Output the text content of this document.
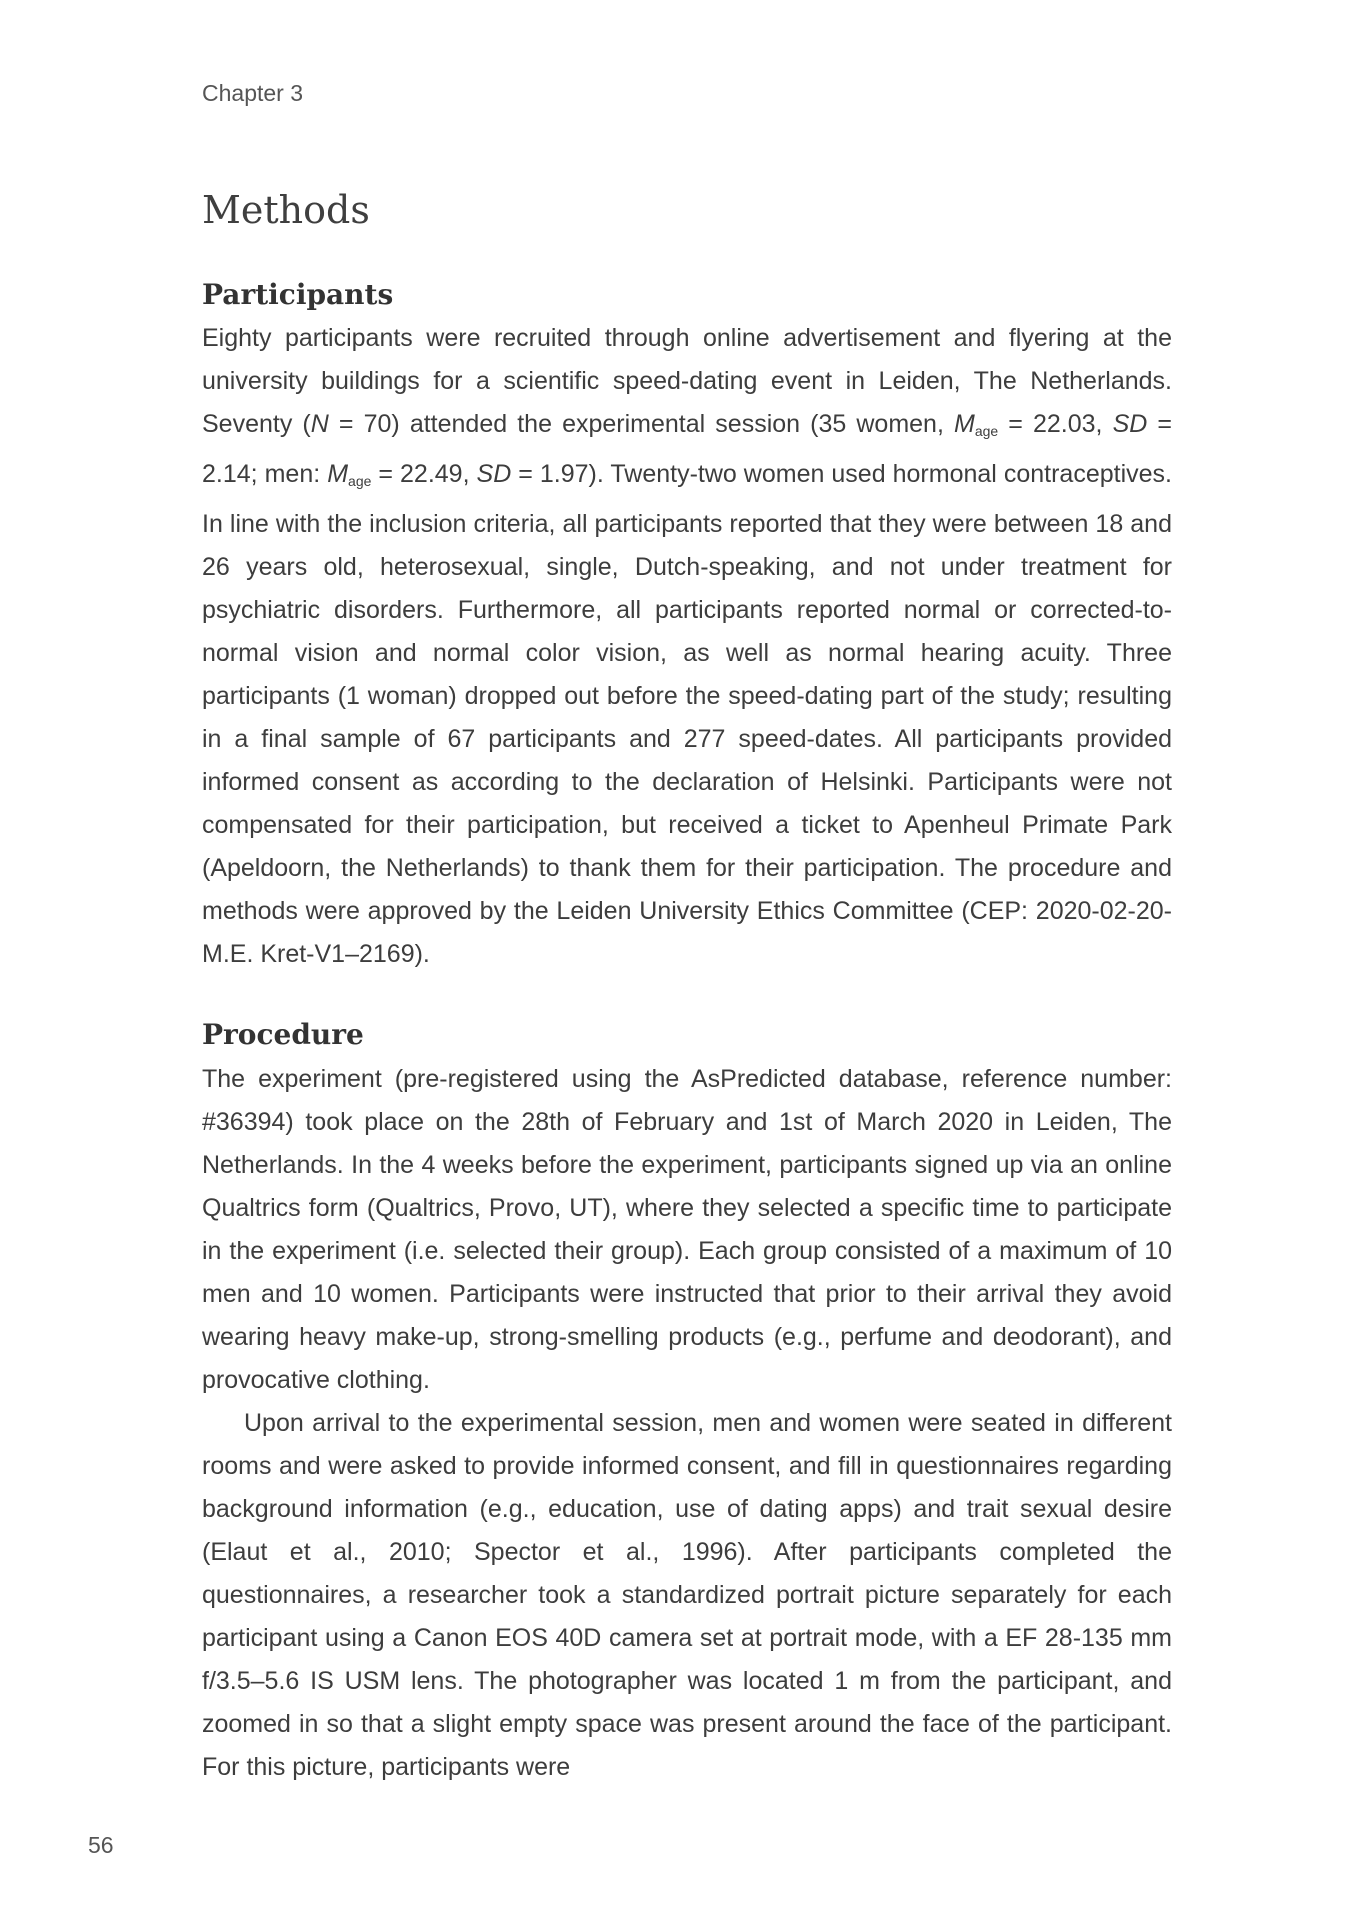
Chapter 3
Methods
Participants

Eighty participants were recruited through online advertisement and flyering at the university buildings for a scientific speed-dating event in Leiden, The Netherlands. Seventy (N = 70) attended the experimental session (35 women, $M_{age} = 22.03$, SD = 2.14; men: $M_{age} = 22.49$, SD = 1.97). Twenty-two women used hormonal contraceptives. In line with the inclusion criteria, all participants reported that they were between 18 and 26 years old, heterosexual, single, Dutch-speaking, and not under treatment for psychiatric disorders. Furthermore, all participants reported normal or corrected-to-normal vision and normal color vision, as well as normal hearing acuity. Three participants (1 woman) dropped out before the speed-dating part of the study; resulting in a final sample of 67 participants and 277 speed-dates. All participants provided informed consent as according to the declaration of Helsinki. Participants were not compensated for their participation, but received a ticket to Apenheul Primate Park (Apeldoorn, the Netherlands) to thank them for their participation. The procedure and methods were approved by the Leiden University Ethics Committee (CEP: 2020-02-20-M.E. Kret-V1–2169).

Procedure

The experiment (pre-registered using the AsPredicted database, reference number: #36394) took place on the 28th of February and 1st of March 2020 in Leiden, The Netherlands. In the 4 weeks before the experiment, participants signed up via an online Qualtrics form (Qualtrics, Provo, UT), where they selected a specific time to participate in the experiment (i.e. selected their group). Each group consisted of a maximum of 10 men and 10 women. Participants were instructed that prior to their arrival they avoid wearing heavy make-up, strong-smelling products (e.g., perfume and deodorant), and provocative clothing.

Upon arrival to the experimental session, men and women were seated in different rooms and were asked to provide informed consent, and fill in questionnaires regarding background information (e.g., education, use of dating apps) and trait sexual desire (Elaut et al., 2010; Spector et al., 1996). After participants completed the questionnaires, a researcher took a standardized portrait picture separately for each participant using a Canon EOS 40D camera set at portrait mode, with a EF 28-135 mm f/3.5–5.6 IS USM lens. The photographer was located 1 m from the participant, and zoomed in so that a slight empty space was present around the face of the participant. For this picture, participants were

56
